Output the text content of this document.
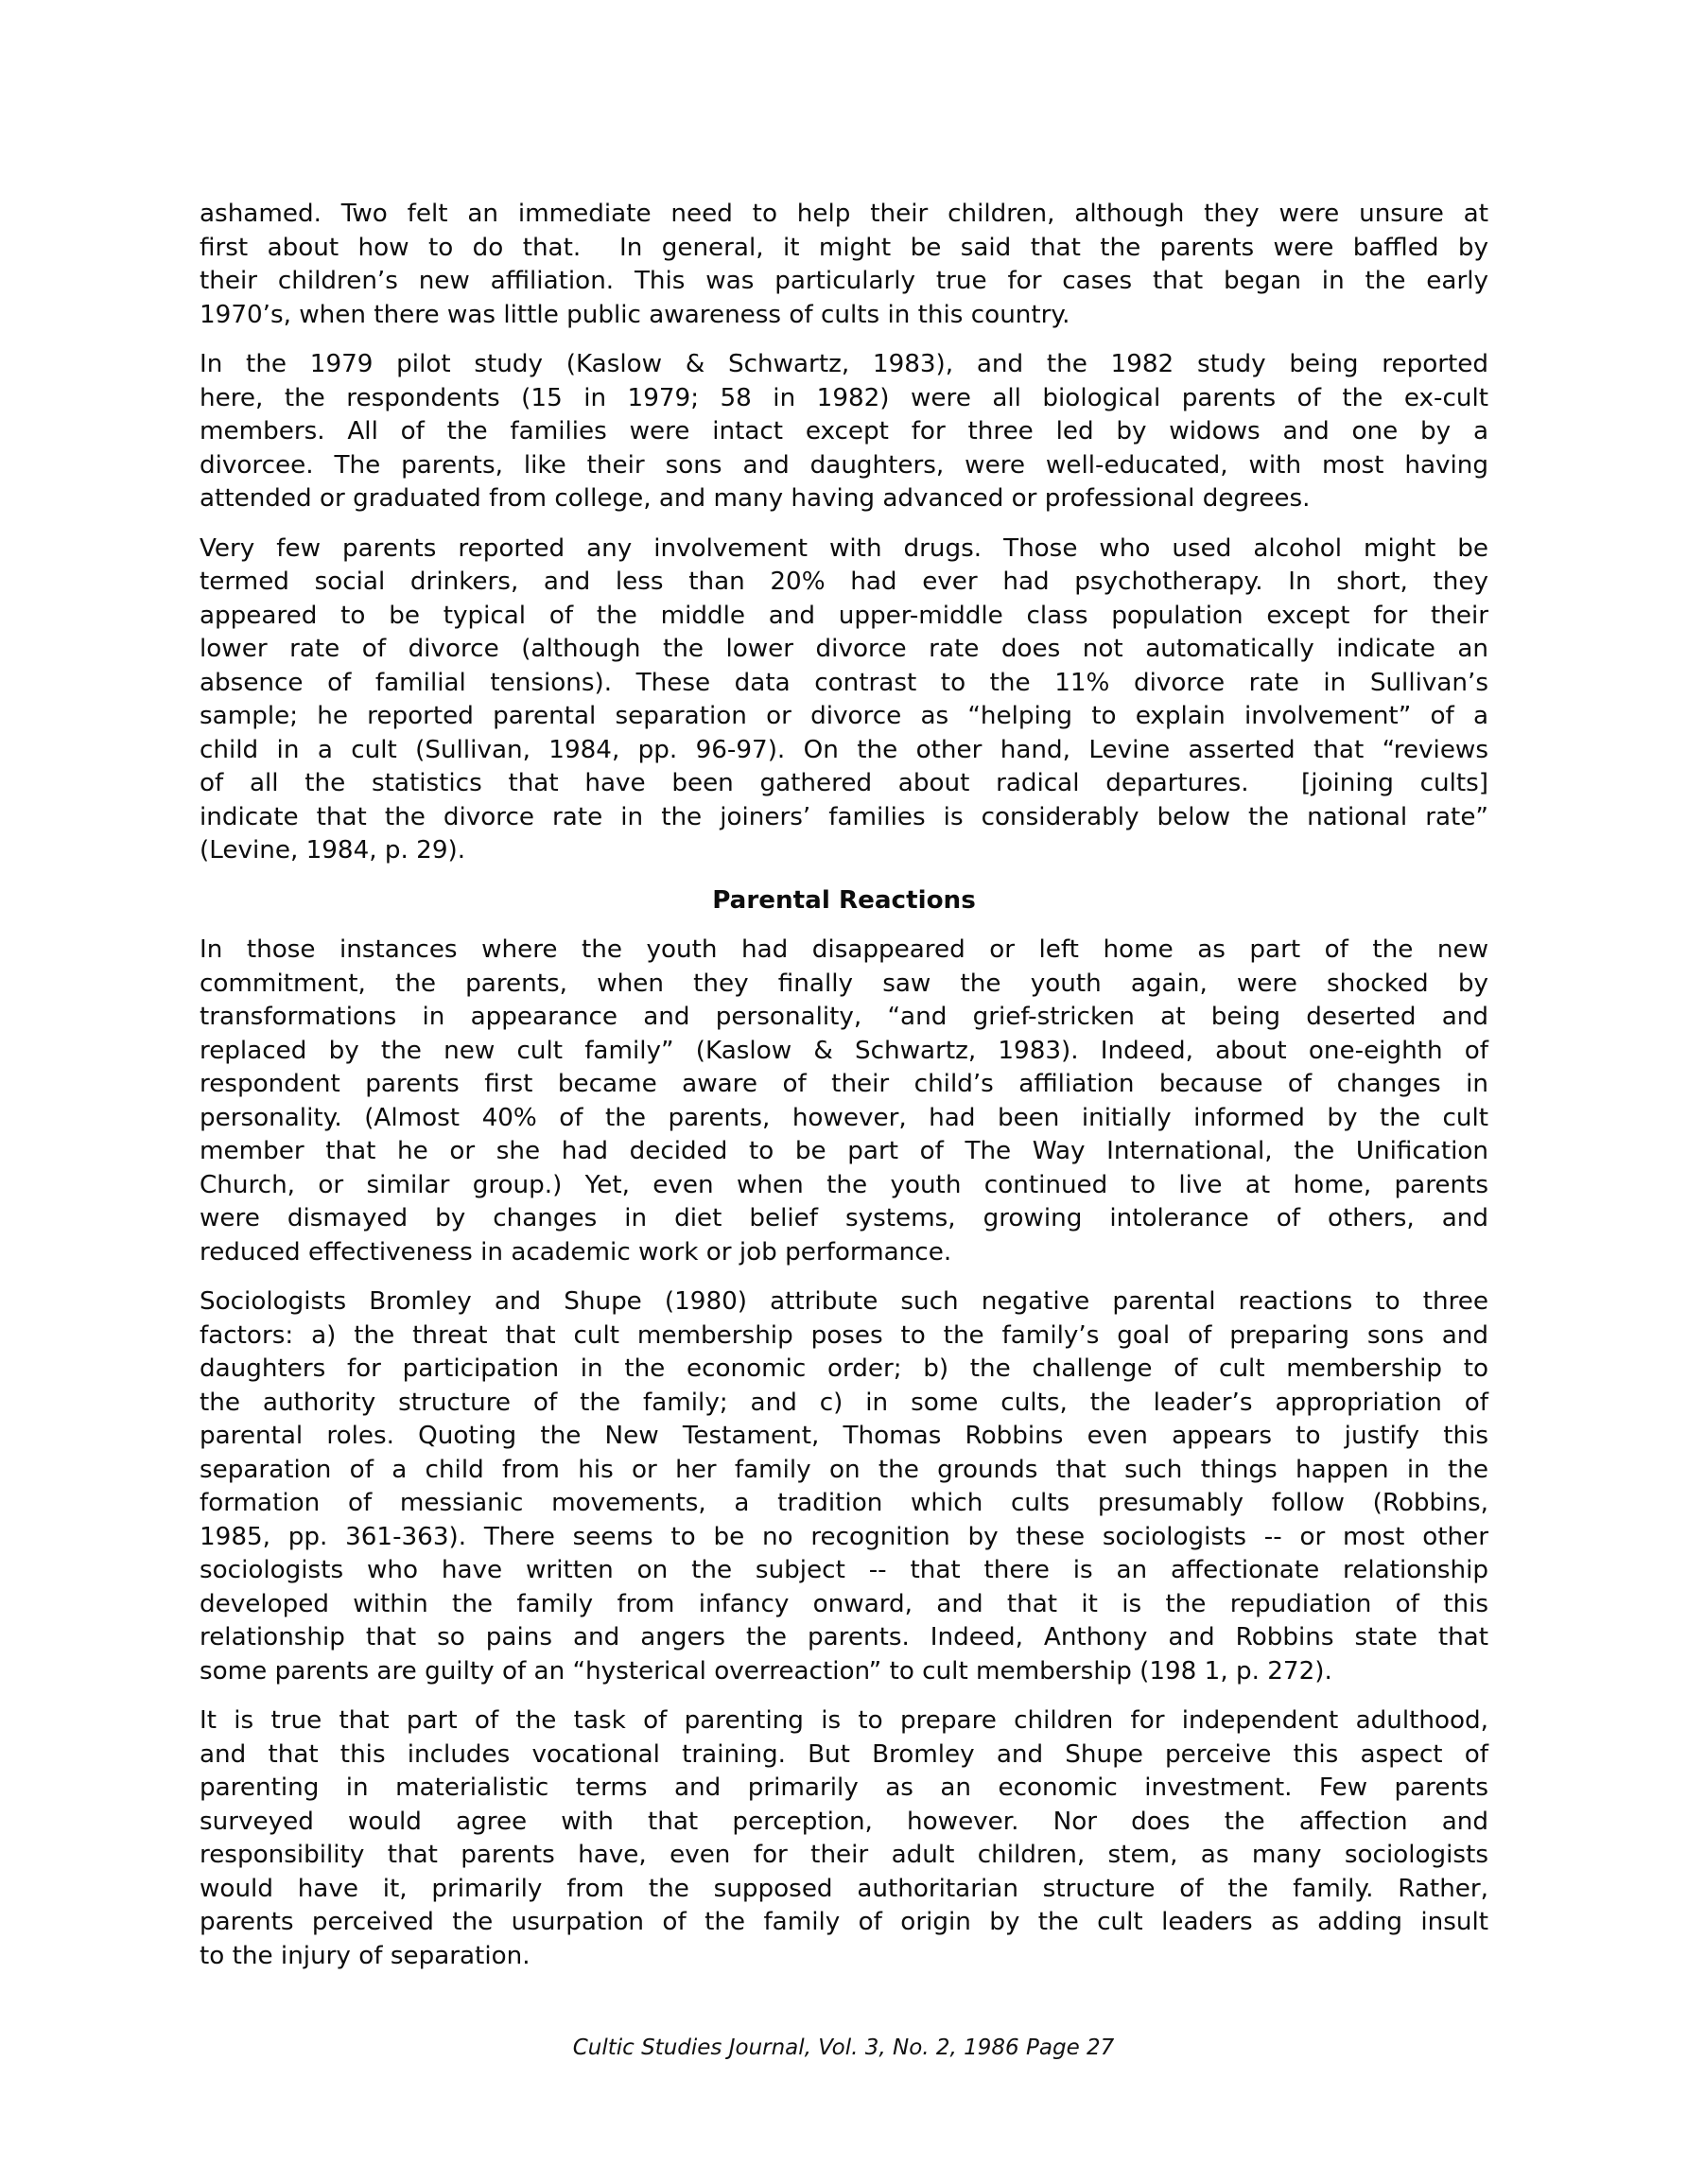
ashamed. Two felt an immediate need to help their children, although they were unsure at
first about how to do that.  In general, it might be said that the parents were baffled by
their children’s new affiliation. This was particularly true for cases that began in the early
1970’s, when there was little public awareness of cults in this country.
In the 1979 pilot study (Kaslow & Schwartz, 1983), and the 1982 study being reported
here, the respondents (15 in 1979; 58 in 1982) were all biological parents of the ex-cult
members. All of the families were intact except for three led by widows and one by a
divorcee. The parents, like their sons and daughters, were well-educated, with most having
attended or graduated from college, and many having advanced or professional degrees.
Very few parents reported any involvement with drugs. Those who used alcohol might be
termed social drinkers, and less than 20% had ever had psychotherapy. In short, they
appeared to be typical of the middle and upper-middle class population except for their
lower rate of divorce (although the lower divorce rate does not automatically indicate an
absence of familial tensions). These data contrast to the 11% divorce rate in Sullivan’s
sample; he reported parental separation or divorce as “helping to explain involvement” of a
child in a cult (Sullivan, 1984, pp. 96-97). On the other hand, Levine asserted that “reviews
of all the statistics that have been gathered about radical departures.  [joining cults]
indicate that the divorce rate in the joiners’ families is considerably below the national rate”
(Levine, 1984, p. 29).
Parental Reactions
In those instances where the youth had disappeared or left home as part of the new
commitment, the parents, when they finally saw the youth again, were shocked by
transformations in appearance and personality, “and grief-stricken at being deserted and
replaced by the new cult family” (Kaslow & Schwartz, 1983). Indeed, about one-eighth of
respondent parents first became aware of their child’s affiliation because of changes in
personality. (Almost 40% of the parents, however, had been initially informed by the cult
member that he or she had decided to be part of The Way International, the Unification
Church, or similar group.) Yet, even when the youth continued to live at home, parents
were dismayed by changes in diet belief systems, growing intolerance of others, and
reduced effectiveness in academic work or job performance.
Sociologists Bromley and Shupe (1980) attribute such negative parental reactions to three
factors: a) the threat that cult membership poses to the family’s goal of preparing sons and
daughters for participation in the economic order; b) the challenge of cult membership to
the authority structure of the family; and c) in some cults, the leader’s appropriation of
parental roles. Quoting the New Testament, Thomas Robbins even appears to justify this
separation of a child from his or her family on the grounds that such things happen in the
formation of messianic movements, a tradition which cults presumably follow (Robbins,
1985, pp. 361-363). There seems to be no recognition by these sociologists -- or most other
sociologists who have written on the subject -- that there is an affectionate relationship
developed within the family from infancy onward, and that it is the repudiation of this
relationship that so pains and angers the parents. Indeed, Anthony and Robbins state that
some parents are guilty of an “hysterical overreaction” to cult membership (198 1, p. 272).
It is true that part of the task of parenting is to prepare children for independent adulthood,
and that this includes vocational training. But Bromley and Shupe perceive this aspect of
parenting in materialistic terms and primarily as an economic investment. Few parents
surveyed would agree with that perception, however. Nor does the affection and
responsibility that parents have, even for their adult children, stem, as many sociologists
would have it, primarily from the supposed authoritarian structure of the family. Rather,
parents perceived the usurpation of the family of origin by the cult leaders as adding insult
to the injury of separation.
Cultic Studies Journal, Vol. 3, No. 2, 1986 Page 27
